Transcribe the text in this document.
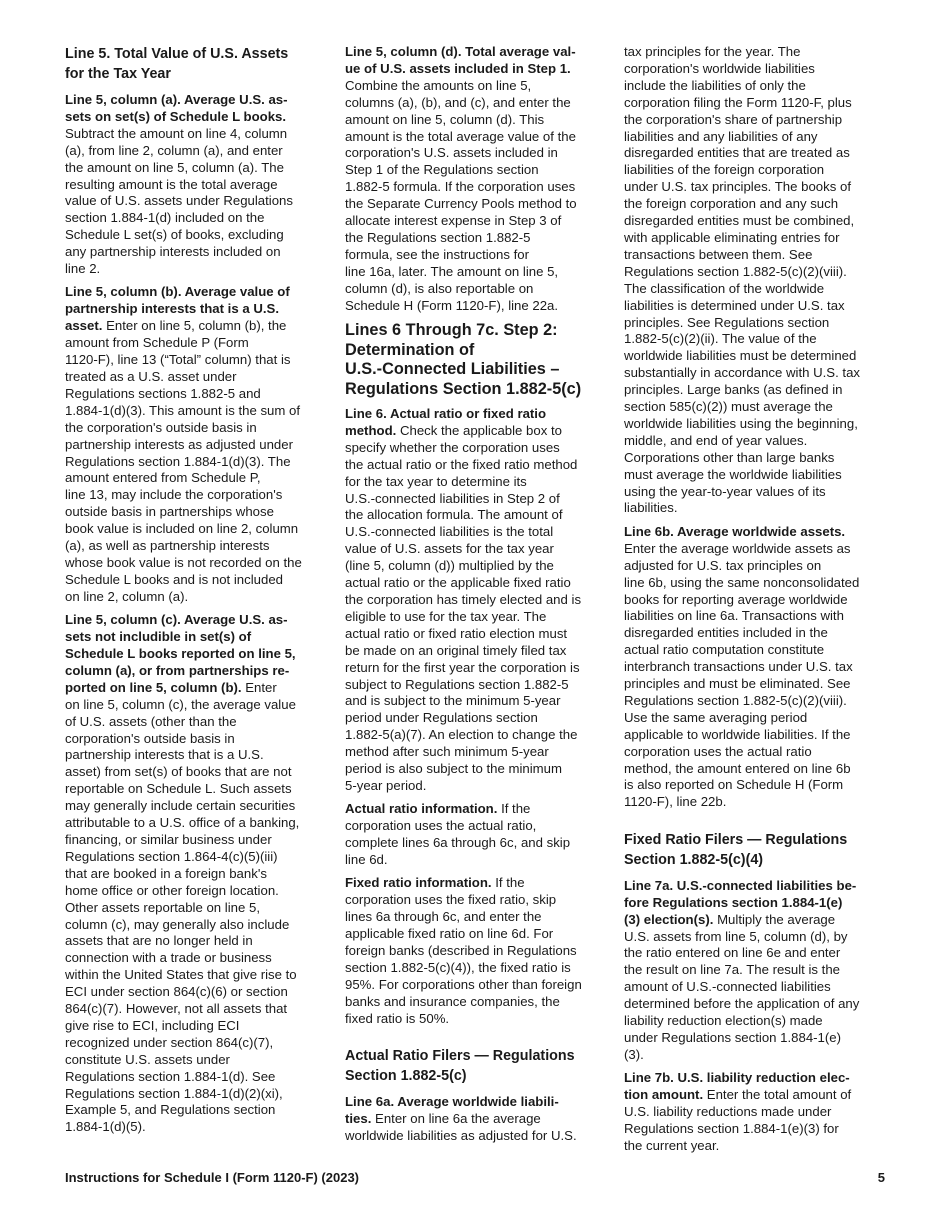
Line 5. Total Value of U.S. Assets
for the Tax Year

Line 5, column (a). Average U.S. as-
sets on set(s) of Schedule L books.
Subtract the amount on line 4, column
(a), from line 2, column (a), and enter
the amount on line 5, column (a). The
resulting amount is the total average
value of U.S. assets under Regulations
section 1.884-1(d) included on the
Schedule L set(s) of books, excluding
any partnership interests included on
line 2.

Line 5, column (b). Average value of
partnership interests that is a U.S.
asset. Enter on line 5, column (b), the
amount from Schedule P (Form
1120-F), line 13 (“Total” column) that is
treated as a U.S. asset under
Regulations sections 1.882-5 and
1.884-1(d)(3). This amount is the sum of
the corporation's outside basis in
partnership interests as adjusted under
Regulations section 1.884-1(d)(3). The
amount entered from Schedule P,
line 13, may include the corporation's
outside basis in partnerships whose
book value is included on line 2, column
(a), as well as partnership interests
whose book value is not recorded on the
Schedule L books and is not included
on line 2, column (a).

Line 5, column (c). Average U.S. as-
sets not includible in set(s) of
Schedule L books reported on line 5,
column (a), or from partnerships re-
ported on line 5, column (b). Enter
on line 5, column (c), the average value
of U.S. assets (other than the
corporation's outside basis in
partnership interests that is a U.S.
asset) from set(s) of books that are not
reportable on Schedule L. Such assets
may generally include certain securities
attributable to a U.S. office of a banking,
financing, or similar business under
Regulations section 1.864-4(c)(5)(iii)
that are booked in a foreign bank's
home office or other foreign location.
Other assets reportable on line 5,
column (c), may generally also include
assets that are no longer held in
connection with a trade or business
within the United States that give rise to
ECI under section 864(c)(6) or section
864(c)(7). However, not all assets that
give rise to ECI, including ECI
recognized under section 864(c)(7),
constitute U.S. assets under
Regulations section 1.884-1(d). See
Regulations section 1.884-1(d)(2)(xi),
Example 5, and Regulations section
1.884-1(d)(5).

Line 5, column (d). Total average val-
ue of U.S. assets included in Step 1.
Combine the amounts on line 5,
columns (a), (b), and (c), and enter the
amount on line 5, column (d). This
amount is the total average value of the
corporation's U.S. assets included in
Step 1 of the Regulations section
1.882-5 formula. If the corporation uses
the Separate Currency Pools method to
allocate interest expense in Step 3 of
the Regulations section 1.882-5
formula, see the instructions for
line 16a, later. The amount on line 5,
column (d), is also reportable on
Schedule H (Form 1120-F), line 22a.

Lines 6 Through 7c. Step 2:
Determination of
U.S.-Connected Liabilities –
Regulations Section 1.882-5(c)

Line 6. Actual ratio or fixed ratio
method. Check the applicable box to
specify whether the corporation uses
the actual ratio or the fixed ratio method
for the tax year to determine its
U.S.-connected liabilities in Step 2 of
the allocation formula. The amount of
U.S.-connected liabilities is the total
value of U.S. assets for the tax year
(line 5, column (d)) multiplied by the
actual ratio or the applicable fixed ratio
the corporation has timely elected and is
eligible to use for the tax year. The
actual ratio or fixed ratio election must
be made on an original timely filed tax
return for the first year the corporation is
subject to Regulations section 1.882-5
and is subject to the minimum 5-year
period under Regulations section
1.882-5(a)(7). An election to change the
method after such minimum 5-year
period is also subject to the minimum
5-year period.

Actual ratio information. If the
corporation uses the actual ratio,
complete lines 6a through 6c, and skip
line 6d.

Fixed ratio information. If the
corporation uses the fixed ratio, skip
lines 6a through 6c, and enter the
applicable fixed ratio on line 6d. For
foreign banks (described in Regulations
section 1.882-5(c)(4)), the fixed ratio is
95%. For corporations other than foreign
banks and insurance companies, the
fixed ratio is 50%.

Actual Ratio Filers — Regulations
Section 1.882-5(c)

Line 6a. Average worldwide liabili-
ties. Enter on line 6a the average
worldwide liabilities as adjusted for U.S.

tax principles for the year. The
corporation's worldwide liabilities
include the liabilities of only the
corporation filing the Form 1120-F, plus
the corporation's share of partnership
liabilities and any liabilities of any
disregarded entities that are treated as
liabilities of the foreign corporation
under U.S. tax principles. The books of
the foreign corporation and any such
disregarded entities must be combined,
with applicable eliminating entries for
transactions between them. See
Regulations section 1.882-5(c)(2)(viii).
The classification of the worldwide
liabilities is determined under U.S. tax
principles. See Regulations section
1.882-5(c)(2)(ii). The value of the
worldwide liabilities must be determined
substantially in accordance with U.S. tax
principles. Large banks (as defined in
section 585(c)(2)) must average the
worldwide liabilities using the beginning,
middle, and end of year values.
Corporations other than large banks
must average the worldwide liabilities
using the year-to-year values of its
liabilities.

Line 6b. Average worldwide assets.
Enter the average worldwide assets as
adjusted for U.S. tax principles on
line 6b, using the same nonconsolidated
books for reporting average worldwide
liabilities on line 6a. Transactions with
disregarded entities included in the
actual ratio computation constitute
interbranch transactions under U.S. tax
principles and must be eliminated. See
Regulations section 1.882-5(c)(2)(viii).
Use the same averaging period
applicable to worldwide liabilities. If the
corporation uses the actual ratio
method, the amount entered on line 6b
is also reported on Schedule H (Form
1120-F), line 22b.

Fixed Ratio Filers — Regulations
Section 1.882-5(c)(4)

Line 7a. U.S.-connected liabilities be-
fore Regulations section 1.884-1(e)
(3) election(s). Multiply the average
U.S. assets from line 5, column (d), by
the ratio entered on line 6e and enter
the result on line 7a. The result is the
amount of U.S.-connected liabilities
determined before the application of any
liability reduction election(s) made
under Regulations section 1.884-1(e)
(3).

Line 7b. U.S. liability reduction elec-
tion amount. Enter the total amount of
U.S. liability reductions made under
Regulations section 1.884-1(e)(3) for
the current year.

Instructions for Schedule I (Form 1120-F) (2023)	5
